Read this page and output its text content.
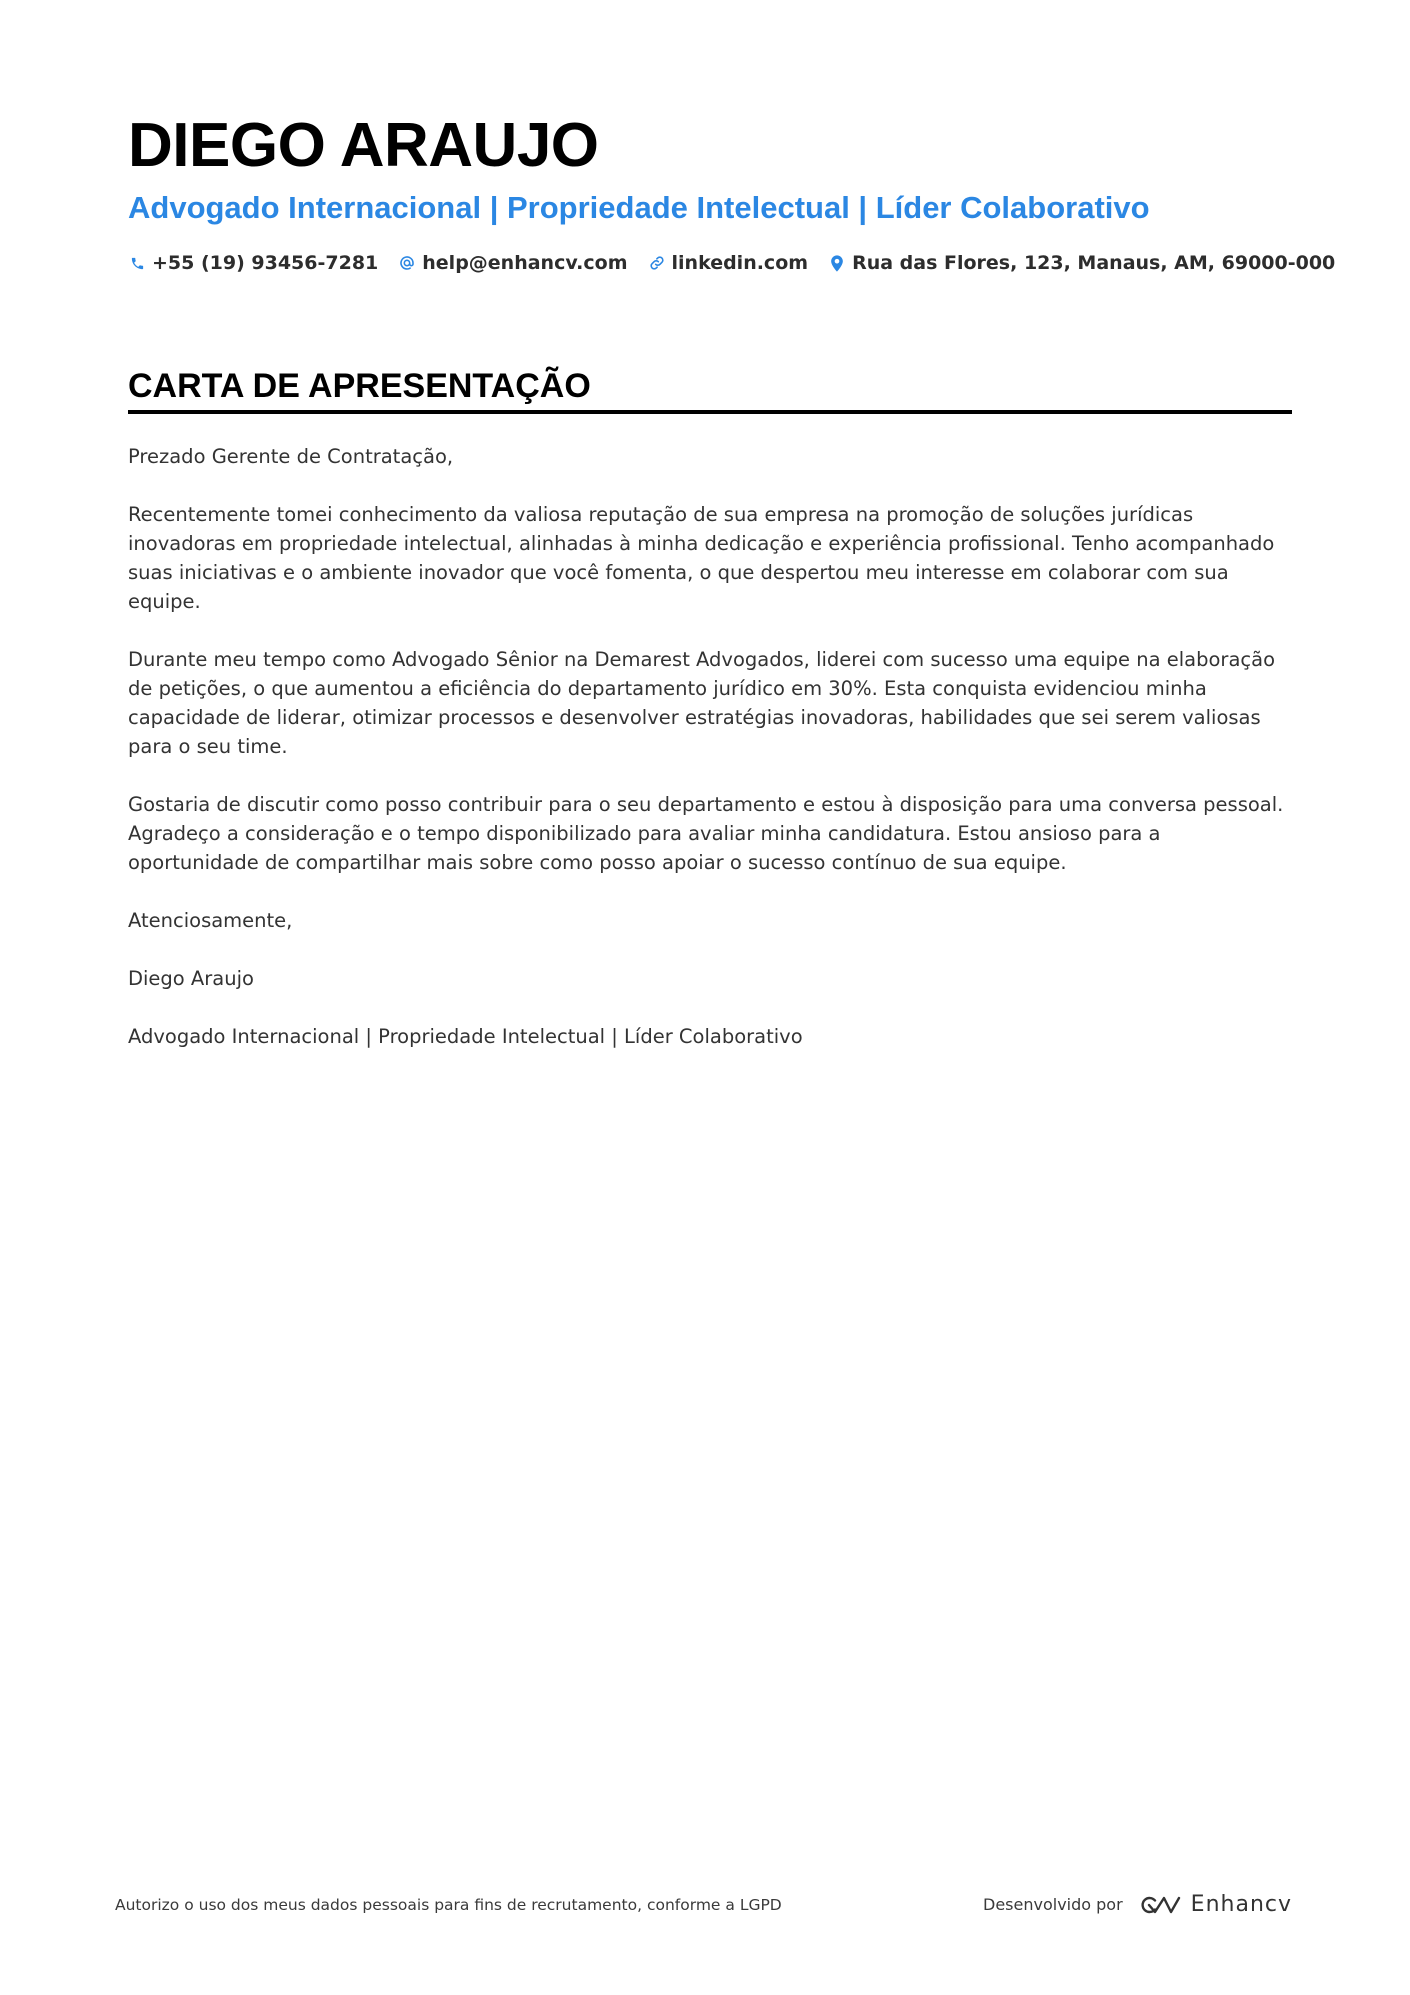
DIEGO ARAUJO
Advogado Internacional | Propriedade Intelectual | Líder Colaborativo
+55 (19) 93456-7281 help@enhancv.com linkedin.com Rua das Flores, 123, Manaus, AM, 69000-000
CARTA DE APRESENTAÇÃO

Prezado Gerente de Contratação,

Recentemente tomei conhecimento da valiosa reputação de sua empresa na promoção de soluções jurídicas inovadoras em propriedade intelectual, alinhadas à minha dedicação e experiência profissional. Tenho acompanhado suas iniciativas e o ambiente inovador que você fomenta, o que despertou meu interesse em colaborar com sua equipe.

Durante meu tempo como Advogado Sênior na Demarest Advogados, liderei com sucesso uma equipe na elaboração de petições, o que aumentou a eficiência do departamento jurídico em 30%. Esta conquista evidenciou minha capacidade de liderar, otimizar processos e desenvolver estratégias inovadoras, habilidades que sei serem valiosas para o seu time.

Gostaria de discutir como posso contribuir para o seu departamento e estou à disposição para uma conversa pessoal. Agradeço a consideração e o tempo disponibilizado para avaliar minha candidatura. Estou ansioso para a oportunidade de compartilhar mais sobre como posso apoiar o sucesso contínuo de sua equipe.

Atenciosamente,

Diego Araujo

Advogado Internacional | Propriedade Intelectual | Líder Colaborativo

Autorizo o uso dos meus dados pessoais para fins de recrutamento, conforme a LGPD	Desenvolvido por	Enhancv
